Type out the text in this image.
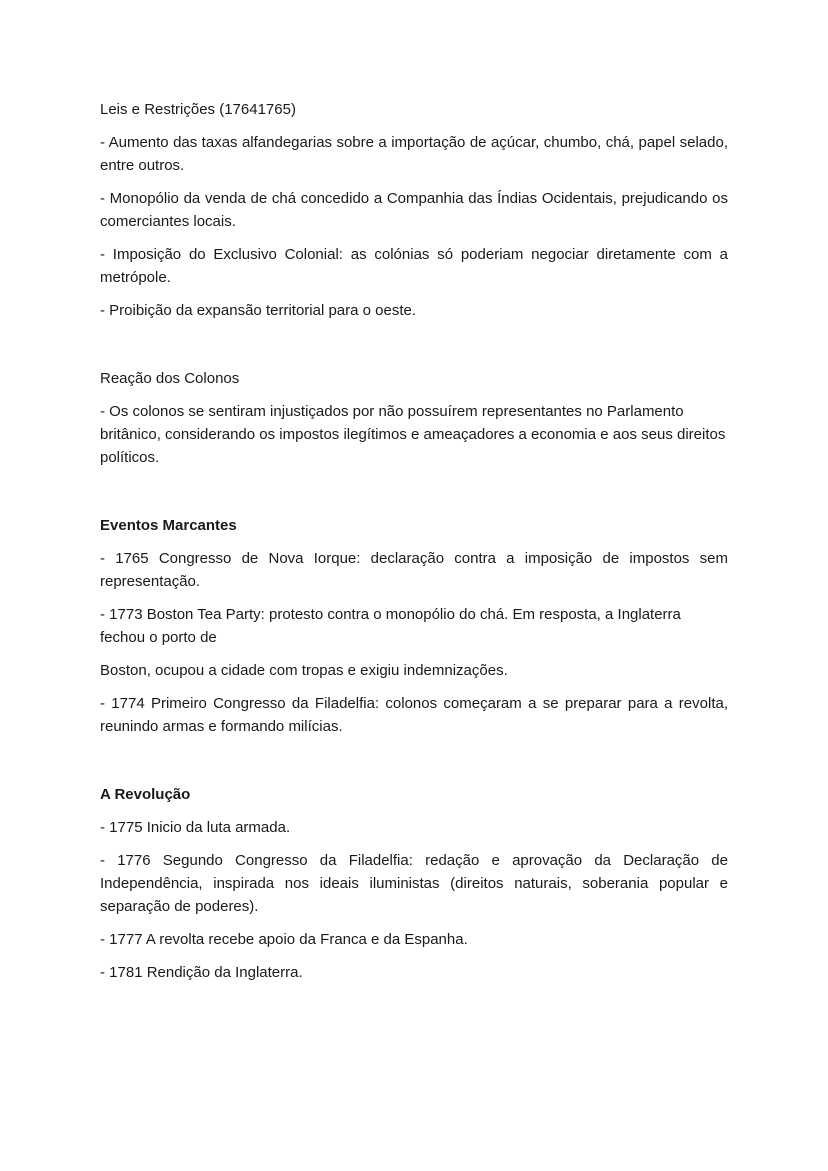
Leis e Restrições (17641765)

- Aumento das taxas alfandegarias sobre a importação de açúcar, chumbo, chá, papel selado, entre outros.

- Monopólio da venda de chá concedido a Companhia das Índias Ocidentais, prejudicando os comerciantes locais.

- Imposição do Exclusivo Colonial: as colónias só poderiam negociar diretamente com a metrópole.

- Proibição da expansão territorial para o oeste.

Reação dos Colonos

- Os colonos se sentiram injustiçados por não possuírem representantes no Parlamento britânico, considerando os impostos ilegítimos e ameaçadores a economia e aos seus direitos políticos.

Eventos Marcantes

- 1765 Congresso de Nova Iorque: declaração contra a imposição de impostos sem representação.

- 1773 Boston Tea Party: protesto contra o monopólio do chá. Em resposta, a Inglaterra fechou o porto de

Boston, ocupou a cidade com tropas e exigiu indemnizações.

- 1774 Primeiro Congresso da Filadelfia: colonos começaram a se preparar para a revolta, reunindo armas e formando milícias.

A Revolução

- 1775 Inicio da luta armada.

- 1776 Segundo Congresso da Filadelfia: redação e aprovação da Declaração de Independência, inspirada nos ideais iluministas (direitos naturais, soberania popular e separação de poderes).

- 1777 A revolta recebe apoio da Franca e da Espanha.

- 1781 Rendição da Inglaterra.
